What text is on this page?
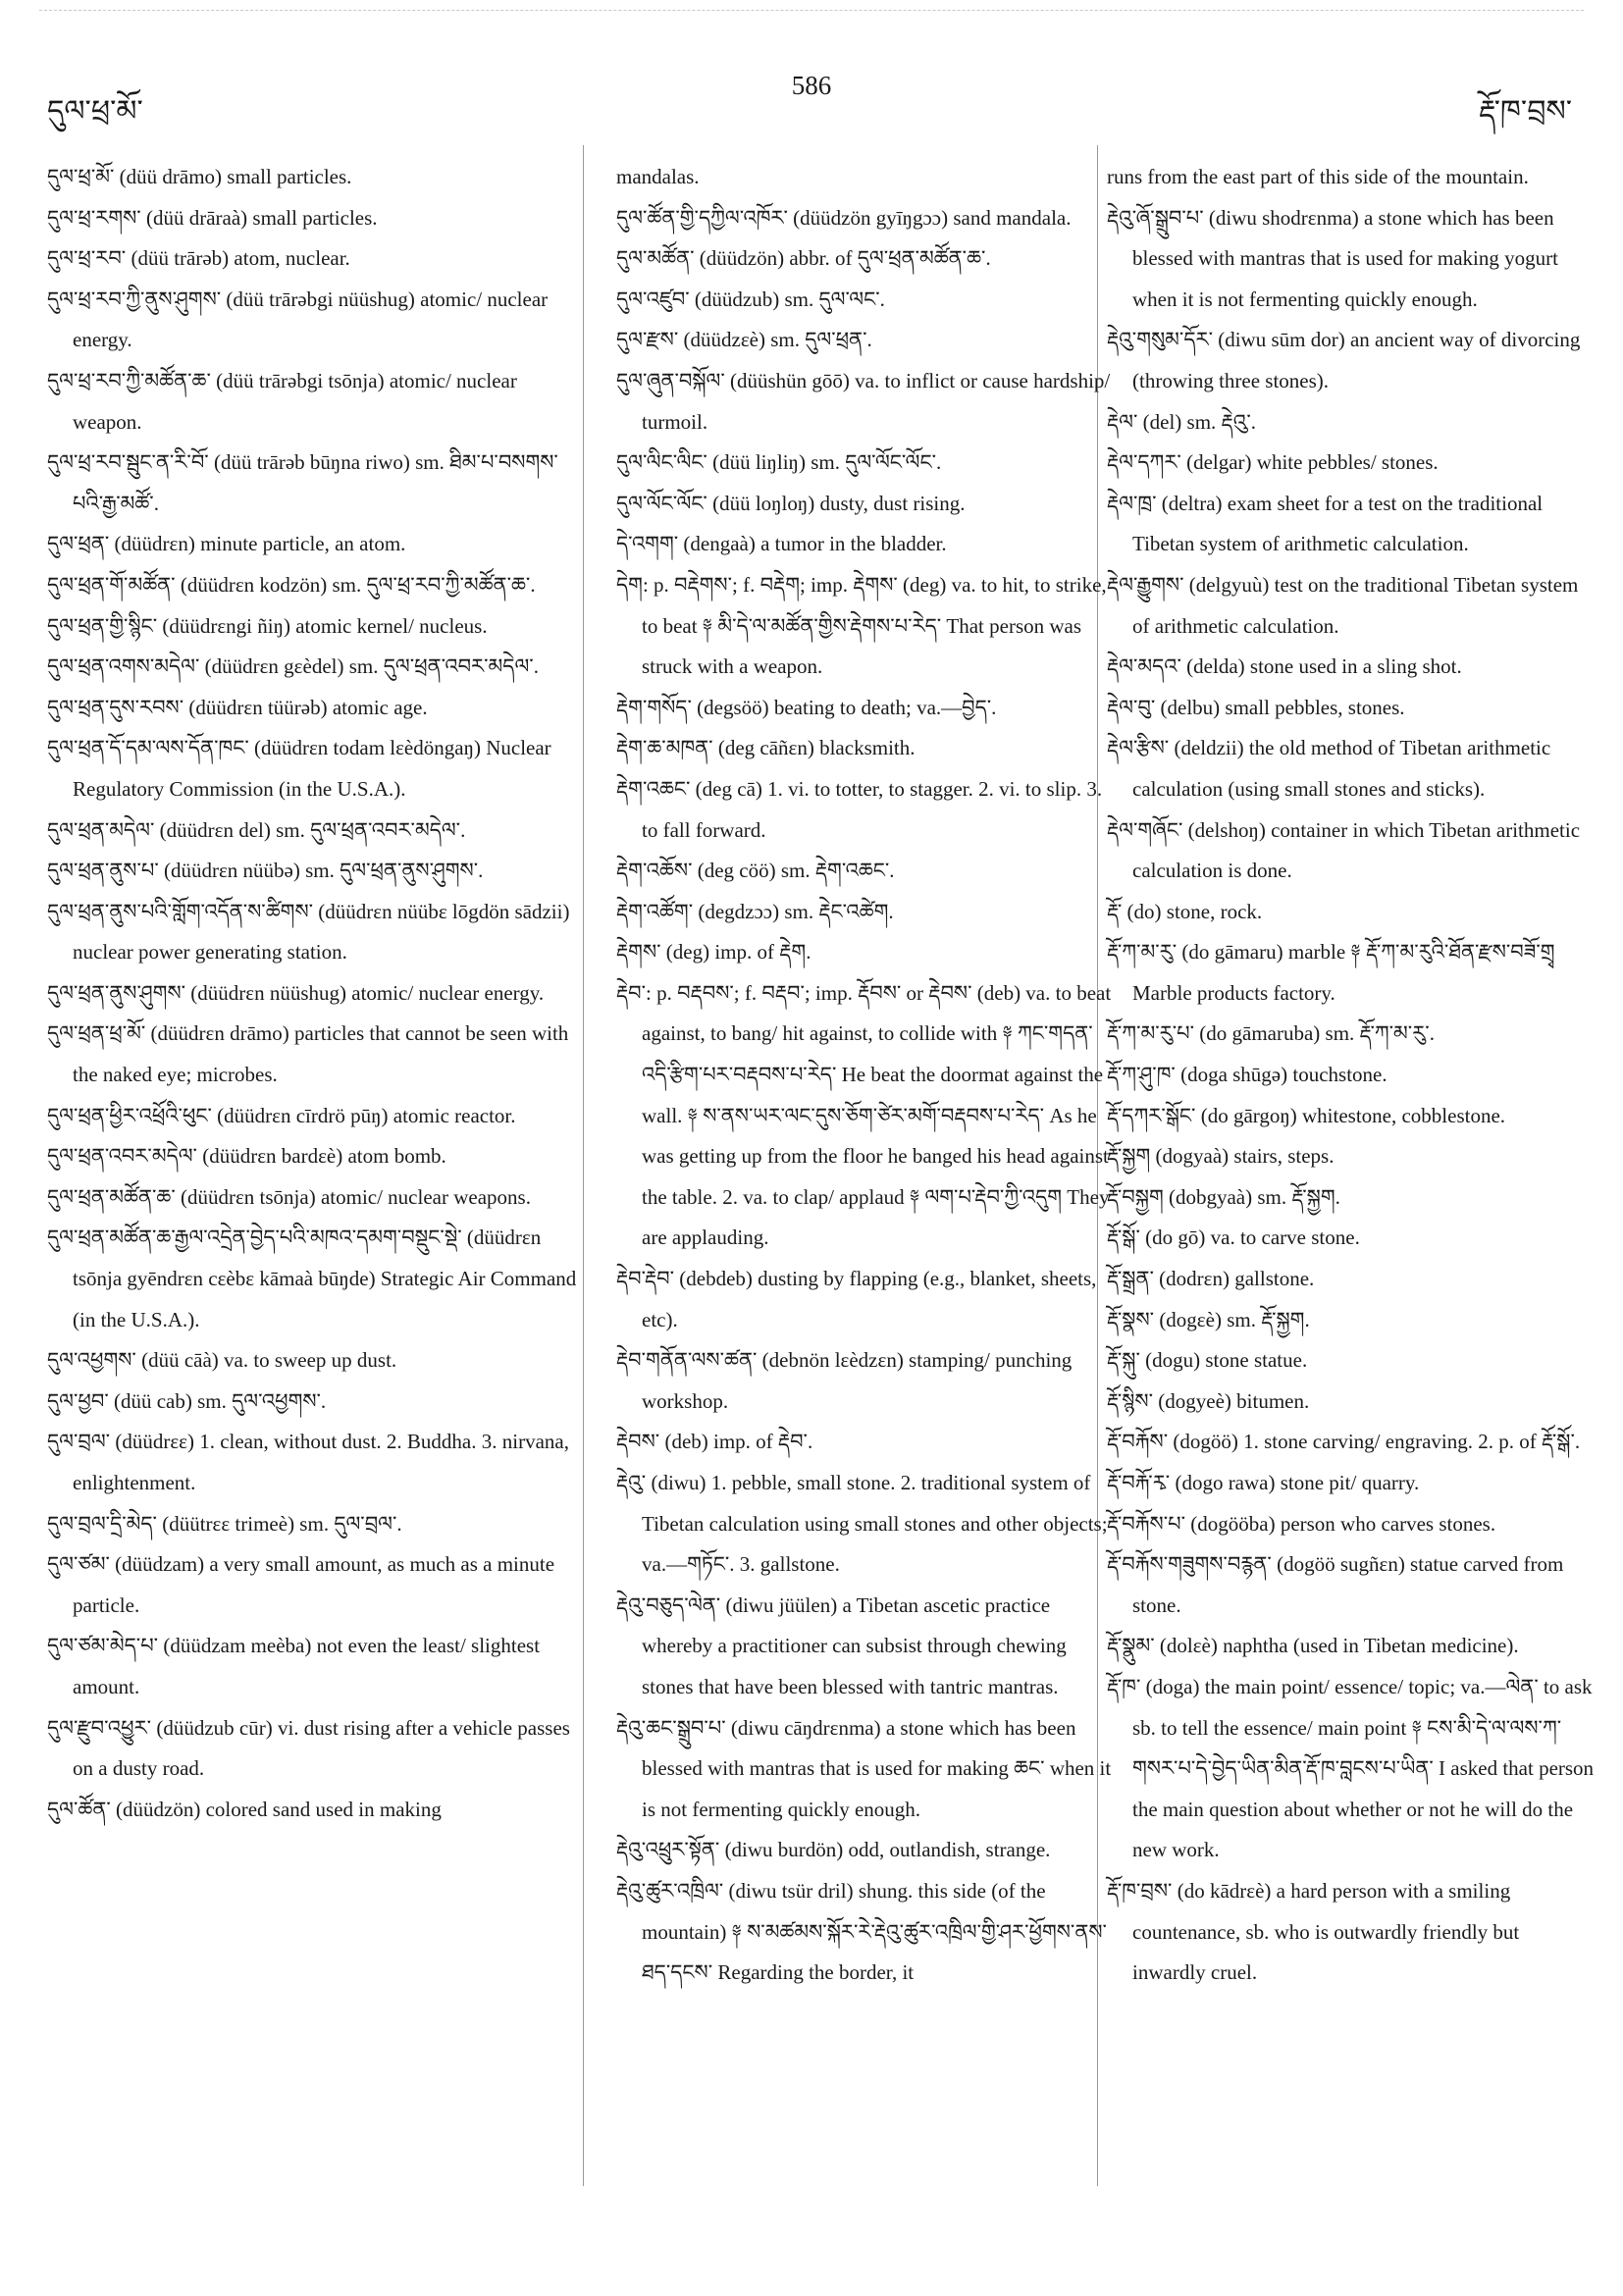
དུལ་ཕྲ་མོ་
586
རྡོ་ཁ་བྲས་

དུལ་ཕྲ་མོ་ (düü drāmo) small particles.

དུལ་ཕྲ་རགས་ (düü drāraà) small particles.

དུལ་ཕྲ་རབ་ (düü trārəb) atom, nuclear.

དུལ་ཕྲ་རབ་ཀྱི་ནུས་ཤུགས་ (düü trārəbgi nüüshug) atomic/ nuclear energy.

དུལ་ཕྲ་རབ་ཀྱི་མཚོན་ཆ་ (düü trārəbgi tsōnja) atomic/ nuclear weapon.

དུལ་ཕྲ་རབ་སྦུང་ན་རི་བོ་ (düü trārəb būŋna riwo) sm. ཐིམ་པ་བསགས་པའི་རྒྱ་མཚོ་.

དུལ་ཕྲན་ (düüdrɛn) minute particle, an atom.

དུལ་ཕྲན་གོ་མཚོན་ (düüdrɛn kodzön) sm. དུལ་ཕྲ་རབ་ཀྱི་མཚོན་ཆ་.

དུལ་ཕྲན་གྱི་སྙིང་ (düüdrɛngi ñiŋ) atomic kernel/ nucleus.

དུལ་ཕྲན་འགས་མདེལ་ (düüdrɛn gɛèdel) sm. དུལ་ཕྲན་འབར་མདེལ་.

དུལ་ཕྲན་དུས་རབས་ (düüdrɛn tüürəb) atomic age.

དུལ་ཕྲན་དོ་དམ་ལས་དོན་ཁང་ (düüdrɛn todam lɛèdöngaŋ) Nuclear Regulatory Commission (in the U.S.A.).

དུལ་ཕྲན་མདེལ་ (düüdrɛn del) sm. དུལ་ཕྲན་འབར་མདེལ་.

དུལ་ཕྲན་ནུས་པ་ (düüdrɛn nüübə) sm. དུལ་ཕྲན་ནུས་ཤུགས་.

དུལ་ཕྲན་ནུས་པའི་གློག་འདོན་ས་ཚིགས་ (düüdrɛn nüübɛ lōgdön sādzii) nuclear power generating station.

དུལ་ཕྲན་ནུས་ཤུགས་ (düüdrɛn nüüshug) atomic/ nuclear energy.

དུལ་ཕྲན་ཕྲ་མོ་ (düüdrɛn drāmo) particles that cannot be seen with the naked eye; microbes.

དུལ་ཕྲན་ཕྱིར་འཕྲོའི་ཕུང་ (düüdrɛn cīrdrö pūŋ) atomic reactor.

དུལ་ཕྲན་འབར་མདེལ་ (düüdrɛn bardɛè) atom bomb.

དུལ་ཕྲན་མཚོན་ཆ་ (düüdrɛn tsōnja) atomic/ nuclear weapons.

དུལ་ཕྲན་མཚོན་ཆ་རྒྱལ་འདྲེན་བྱེད་པའི་མཁའ་དམག་བསྡུང་སྡེ་ (düüdrɛn tsōnja gyēndrɛn cɛèbɛ kāmaà būŋde) Strategic Air Command (in the U.S.A.).

དུལ་འཕྱགས་ (düü cāà) va. to sweep up dust.

དུལ་ཕྱབ་ (düü cab) sm. དུལ་འཕྱགས་.

དུལ་བྲལ་ (düüdrɛɛ) 1. clean, without dust. 2. Buddha. 3. nirvana, enlightenment.

དུལ་བྲལ་དྲི་མེད་ (düütrɛɛ trimeè) sm. དུལ་བྲལ་.

དུལ་ཙམ་ (düüdzam) a very small amount, as much as a minute particle.

དུལ་ཙམ་མེད་པ་ (düüdzam meèba) not even the least/ slightest amount.

དུལ་རྫུབ་འཕྱུར་ (düüdzub cūr) vi. dust rising after a vehicle passes on a dusty road.

དུལ་ཚོན་ (düüdzön) colored sand used in making

mandalas.

དུལ་ཚོན་གྱི་དཀྱིལ་འཁོར་ (düüdzön gyīŋgɔɔ) sand mandala.

དུལ་མཚོན་ (düüdzön) abbr. of དུལ་ཕྲན་མཚོན་ཆ་.

དུལ་འཛུབ་ (düüdzub) sm. དུལ་ལང་.

དུལ་རྫས་ (düüdzɛè) sm. དུལ་ཕྲན་.

དུལ་ཞུན་བསྐོལ་ (düüshün gōō) va. to inflict or cause hardship/ turmoil.

དུལ་ལིང་ལིང་ (düü liŋliŋ) sm. དུལ་ལོང་ལོང་.

དུལ་ལོང་ལོང་ (düü loŋloŋ) dusty, dust rising.

དེ་འགག་ (dengaà) a tumor in the bladder.

དེག: p. བརྡེགས་; f. བརྡེག; imp. རྡེགས་ (deg) va. to hit, to strike, to beat ༈ མི་དེ་ལ་མཚོན་གྱིས་རྡེགས་པ་རེད་ That person was struck with a weapon.

རྡེག་གསོད་ (degsöö) beating to death; va.—བྱེད་.

རྡེག་ཆ་མཁན་ (deg cāñɛn) blacksmith.

རྡེག་འཆང་ (deg cā) 1. vi. to totter, to stagger. 2. vi. to slip. 3. to fall forward.

རྡེག་འཆོས་ (deg cöö) sm. རྡེག་འཆང་.

རྡེག་འཚོག་ (degdzɔɔ) sm. རྡེང་འཚེག.

རྡེགས་ (deg) imp. of རྡེག.

རྡེབ་: p. བརྡབས་; f. བརྡབ་; imp. རྡོབས་ or རྡེབས་ (deb) va. to beat against, to bang/ hit against, to collide with ༈ ཀང་གདན་འདི་རྩིག་པར་བརྡབས་པ་རེད་ He beat the doormat against the wall. ༈ ས་ནས་ཡར་ལང་དུས་ཅོག་ཙེར་མགོ་བརྡབས་པ་རེད་ As he was getting up from the floor he banged his head against the table. 2. va. to clap/ applaud ༈ ལག་པ་རྡེབ་ཀྱི་འདུག They are applauding.

རྡེབ་རྡེབ་ (debdeb) dusting by flapping (e.g., blanket, sheets, etc).

རྡེབ་གནོན་ལས་ཚན་ (debnön lɛèdzɛn) stamping/ punching workshop.

རྡེབས་ (deb) imp. of རྡེབ་.

རྡེའུ་ (diwu) 1. pebble, small stone. 2. traditional system of Tibetan calculation using small stones and other objects; va.—གཏོང་. 3. gallstone.

རྡེའུ་བཅུད་ལེན་ (diwu jüülen) a Tibetan ascetic practice whereby a practitioner can subsist through chewing stones that have been blessed with tantric mantras.

རྡེའུ་ཆང་སྒྲུབ་པ་ (diwu cāŋdrɛnma) a stone which has been blessed with mantras that is used for making ཆང་ when it is not fermenting quickly enough.

རྡེའུ་འཕྲུར་སྟོན་ (diwu burdön) odd, outlandish, strange.

རྡེའུ་ཚུར་འཁྲིལ་ (diwu tsür dril) shung. this side (of the mountain) ༈ ས་མཚམས་སྐོར་རེ་རྡེའུ་ཚུར་འཁྲིལ་གྱི་ཤར་ཕྱོགས་ནས་ཐད་དངས་ Regarding the border, it

runs from the east part of this side of the mountain.

རྡེའུ་ཞོ་སྒྲུབ་པ་ (diwu shodrɛnma) a stone which has been blessed with mantras that is used for making yogurt when it is not fermenting quickly enough.

རྡེའུ་གསུམ་དོར་ (diwu sūm dor) an ancient way of divorcing (throwing three stones).

རྡེལ་ (del) sm. རྡེའུ་.

རྡེལ་དཀར་ (delgar) white pebbles/ stones.

རྡེལ་ཁྲ་ (deltra) exam sheet for a test on the traditional Tibetan system of arithmetic calculation.

རྡེལ་རྒྱུགས་ (delgyuù) test on the traditional Tibetan system of arithmetic calculation.

རྡེལ་མདའ་ (delda) stone used in a sling shot.

རྡེལ་བུ་ (delbu) small pebbles, stones.

རྡེལ་རྩིས་ (deldzii) the old method of Tibetan arithmetic calculation (using small stones and sticks).

རྡེལ་གཞོང་ (delshoŋ) container in which Tibetan arithmetic calculation is done.

རྡོ་ (do) stone, rock.

རྡོ་ཀ་མ་རུ་ (do gāmaru) marble ༈ རྡོ་ཀ་མ་རུའི་ཐོན་རྫས་བཟོ་གྲྭ Marble products factory.

རྡོ་ཀ་མ་རུ་པ་ (do gāmaruba) sm. རྡོ་ཀ་མ་རུ་.

རྡོ་ཀ་ཤུ་ཁ་ (doga shūgə) touchstone.

རྡོ་དཀར་སྒོང་ (do gārgoŋ) whitestone, cobblestone.

རྡོ་སྐྱག (dogyaà) stairs, steps.

རྡོ་བསྐྱག (dobgyaà) sm. རྡོ་སྐྱག.

རྡོ་སྒོ་ (do gō) va. to carve stone.

རྡོ་སྒྲན་ (dodrɛn) gallstone.

རྡོ་སྣས་ (dogɛè) sm. རྡོ་སྐྱག.

རྡོ་སྐུ་ (dogu) stone statue.

རྡོ་སྙིས་ (dogyeè) bitumen.

རྡོ་བརྐོས་ (dogöö) 1. stone carving/ engraving. 2. p. of རྡོ་སྒོ་.

རྡོ་བརྐོ་རྭ་ (dogo rawa) stone pit/ quarry.

རྡོ་བརྐོས་པ་ (dogööba) person who carves stones.

རྡོ་བརྐོས་གཟུགས་བརྙན་ (dogöö sugñɛn) statue carved from stone.

རྡོ་སྣུམ་ (dolɛè) naphtha (used in Tibetan medicine).

རྡོ་ཁ་ (doga) the main point/ essence/ topic; va.—ལེན་ to ask sb. to tell the essence/ main point ༈ ངས་མི་དེ་ལ་ལས་ཀ་གསར་པ་དེ་བྱེད་ཡིན་མིན་རྡོ་ཁ་བླངས་པ་ཡིན་ I asked that person the main question about whether or not he will do the new work.

རྡོ་ཁ་བྲས་ (do kādrɛè) a hard person with a smiling countenance, sb. who is outwardly friendly but inwardly cruel.
